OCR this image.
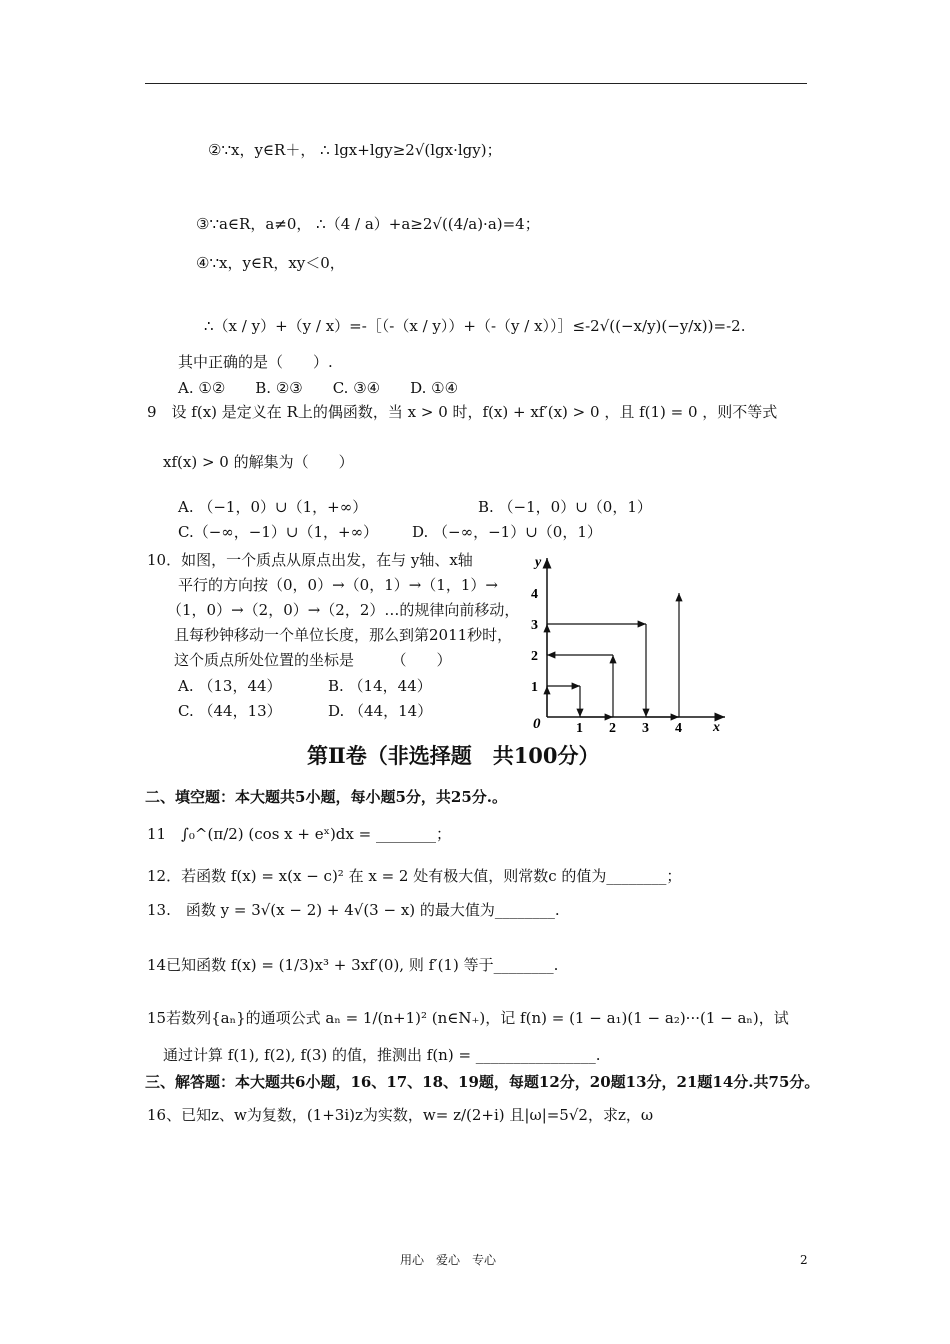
②∵x，y∈R＋， ∴ lgx+lgy≥2√(lgx·lgy)；
③∵a∈R，a≠0， ∴（4 / a）+a≥2√((4/a)·a)=4；
④∵x，y∈R，xy＜0，
∴（x / y）+（y / x）=-［（-（x / y））+（-（y / x））］≤-2√((−x/y)(−y/x))=-2.
其中正确的是（　　）.
A. ①②　　B. ②③　　C. ③④　　D. ①④
9　设 f(x) 是定义在 R上的偶函数，当 x > 0 时，f(x) + xf′(x) > 0 ，且 f(1) = 0 ，则不等式
xf(x) > 0 的解集为（　　）
A. （−1，0）∪（1，+∞）	B. （−1，0）∪（0，1）
C.（−∞，−1）∪（1，+∞） D. （−∞，−1）∪（0，1）
10．如图，一个质点从原点出发，在与 y轴、x轴
平行的方向按（0，0）→（0，1）→（1，1）→
（1，0）→（2，0）→（2，2）…的规律向前移动，
且每秒钟移动一个单位长度，那么到第2011秒时，
这个质点所处位置的坐标是　　　（　　）
A. （13，44）	B. （14，44）
C. （44，13）	D. （44，14）
y
x
0	1 2 3 4
1
2
3
4
第Ⅱ卷（非选择题　共100分）
二、填空题：本大题共5小题，每小题5分，共25分.。
11　∫₀^(π/2) (cos x + eˣ)dx = ________；
12．若函数 f(x) = x(x − c)² 在 x = 2 处有极大值，则常数c 的值为________；
13.　函数 y = 3√(x − 2) + 4√(3 − x) 的最大值为________.
14已知函数 f(x) = (1/3)x³ + 3xf′(0), 则 f′(1) 等于________.
15若数列{aₙ}的通项公式 aₙ = 1/(n+1)² (n∈N₊)，记 f(n) = (1 − a₁)(1 − a₂)···(1 − aₙ)，试
通过计算 f(1), f(2), f(3) 的值，推测出 f(n) = ________________.
三、解答题：本大题共6小题，16、17、18、19题，每题12分，20题13分，21题14分.共75分。
16、已知z、w为复数，(1+3i)z为实数，w= z/(2+i) 且|ω|=5√2，求z，ω
用心　爱心　专心	2
